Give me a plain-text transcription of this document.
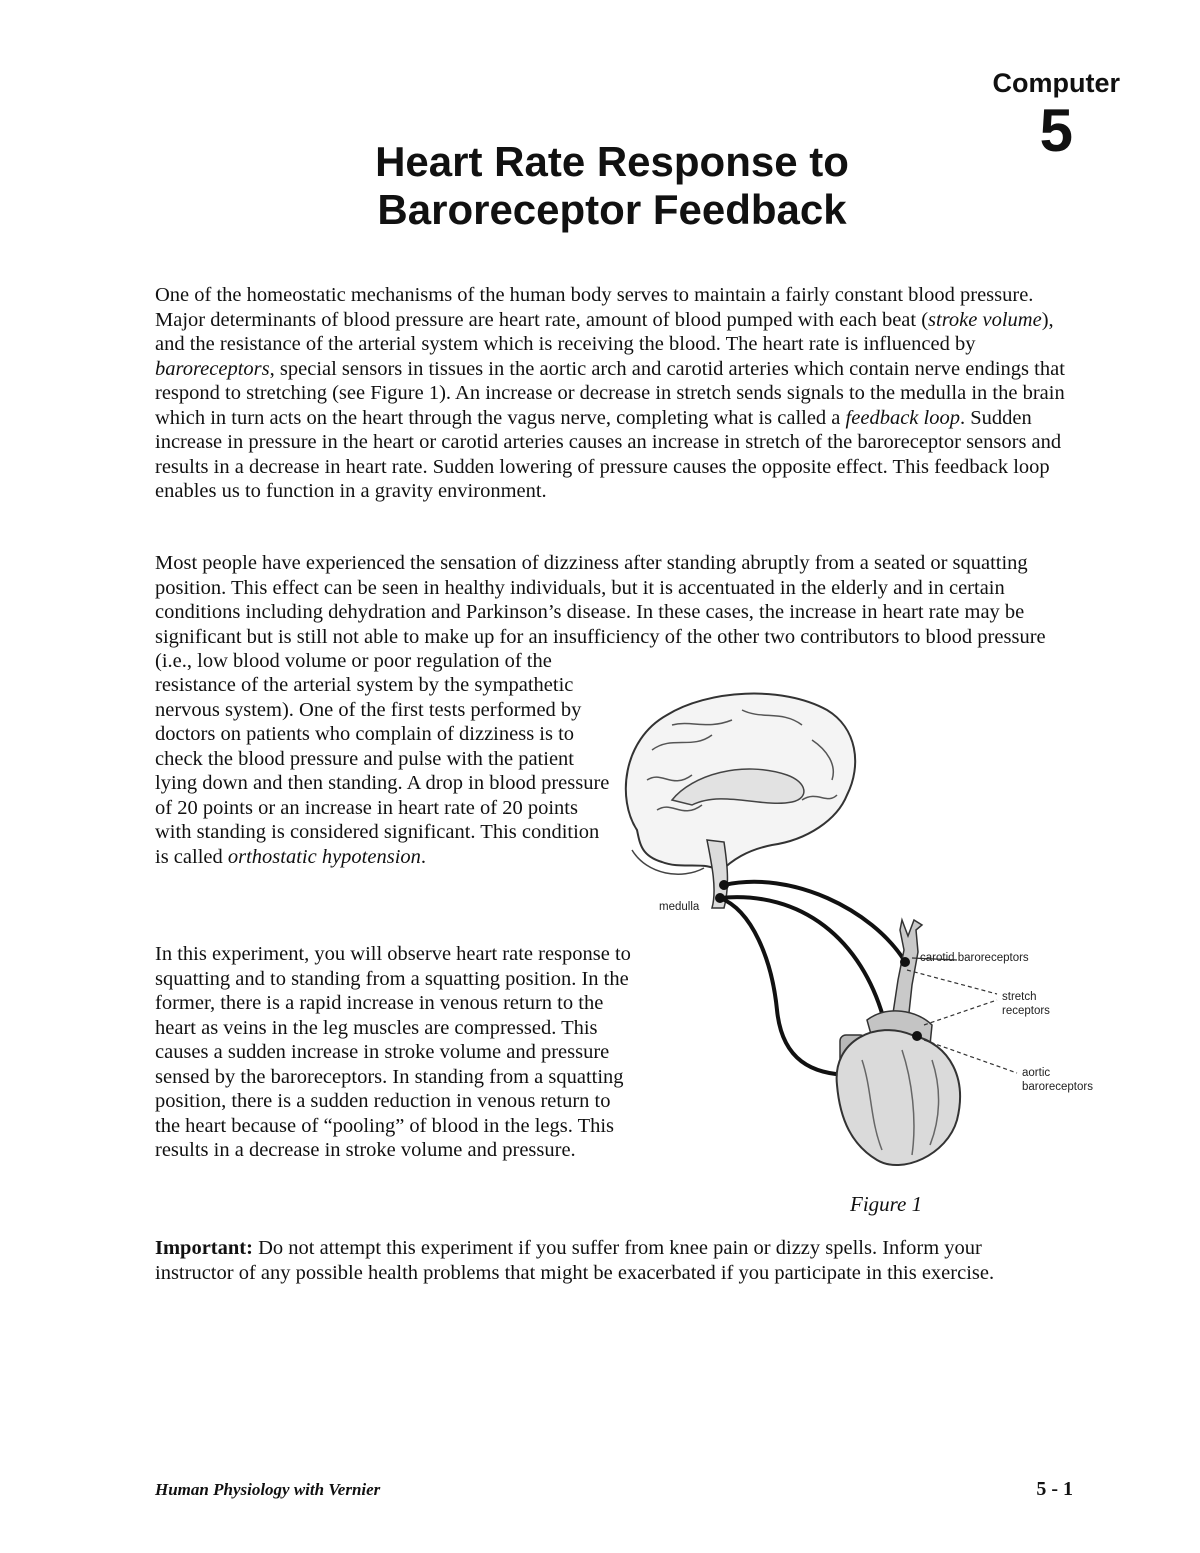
Computer
5
Heart Rate Response to
Baroreceptor Feedback

One of the homeostatic mechanisms of the human body serves to maintain a fairly constant blood pressure. Major determinants of blood pressure are heart rate, amount of blood pumped with each beat (stroke volume), and the resistance of the arterial system which is receiving the blood. The heart rate is influenced by baroreceptors, special sensors in tissues in the aortic arch and carotid arteries which contain nerve endings that respond to stretching (see Figure 1). An increase or decrease in stretch sends signals to the medulla in the brain which in turn acts on the heart through the vagus nerve, completing what is called a feedback loop. Sudden increase in pressure in the heart or carotid arteries causes an increase in stretch of the baroreceptor sensors and results in a decrease in heart rate. Sudden lowering of pressure causes the opposite effect. This feedback loop enables us to function in a gravity environment.

Most people have experienced the sensation of dizziness after standing abruptly from a seated or squatting position. This effect can be seen in healthy individuals, but it is accentuated in the elderly and in certain conditions including dehydration and Parkinson’s disease. In these cases, the increase in heart rate may be significant but is still not able to make up for an insufficiency of the other two contributors to blood pressure (i.e., low blood volume or poor regulation of the

resistance of the arterial system by the sympathetic nervous system). One of the first tests performed by doctors on patients who complain of dizziness is to check the blood pressure and pulse with the patient lying down and then standing. A drop in blood pressure of 20 points or an increase in heart rate of 20 points with standing is considered significant. This condition is called orthostatic hypotension.

In this experiment, you will observe heart rate response to squatting and to standing from a squatting position. In the former, there is a rapid increase in venous return to the heart as veins in the leg muscles are compressed. This causes a sudden increase in stroke volume and pressure sensed by the baroreceptors. In standing from a squatting position, there is a sudden reduction in venous return to the heart because of “pooling” of blood in the legs. This results in a decrease in stroke volume and pressure.

medulla
carotid baroreceptors
stretch
receptors
aortic
baroreceptors
Figure 1

Important: Do not attempt this experiment if you suffer from knee pain or dizzy spells. Inform your instructor of any possible health problems that might be exacerbated if you participate in this exercise.

Human Physiology with Vernier	5 - 1
